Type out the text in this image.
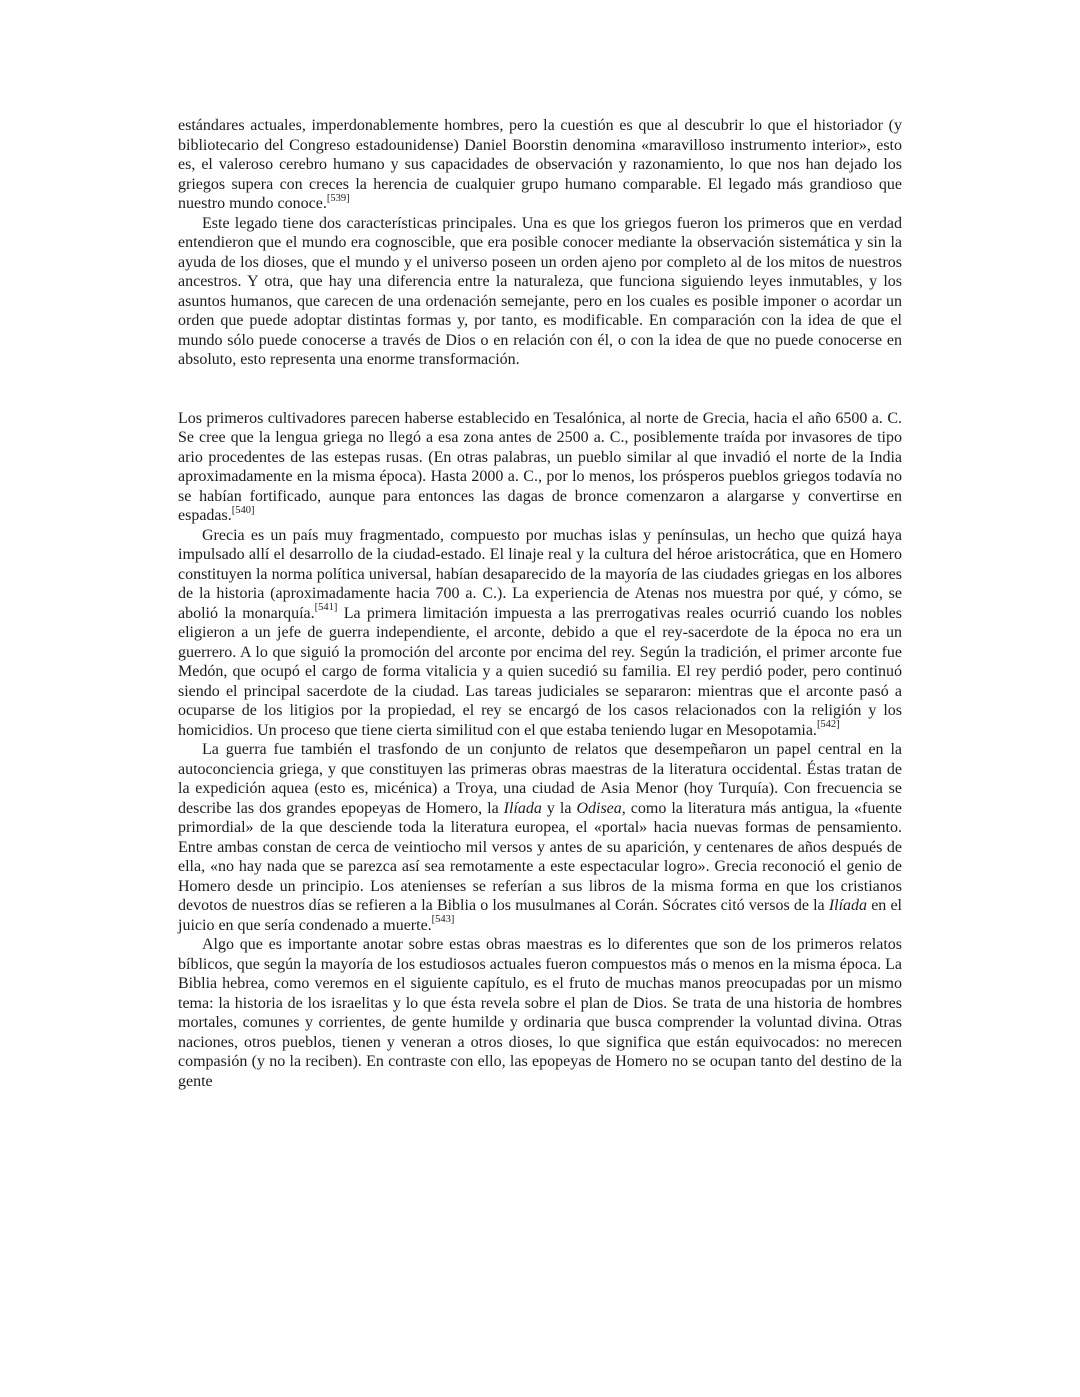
estándares actuales, imperdonablemente hombres, pero la cuestión es que al descubrir lo que el historiador (y bibliotecario del Congreso estadounidense) Daniel Boorstin denomina «maravilloso instrumento interior», esto es, el valeroso cerebro humano y sus capacidades de observación y razonamiento, lo que nos han dejado los griegos supera con creces la herencia de cualquier grupo humano comparable. El legado más grandioso que nuestro mundo conoce.[539]

Este legado tiene dos características principales. Una es que los griegos fueron los primeros que en verdad entendieron que el mundo era cognoscible, que era posible conocer mediante la observación sistemática y sin la ayuda de los dioses, que el mundo y el universo poseen un orden ajeno por completo al de los mitos de nuestros ancestros. Y otra, que hay una diferencia entre la naturaleza, que funciona siguiendo leyes inmutables, y los asuntos humanos, que carecen de una ordenación semejante, pero en los cuales es posible imponer o acordar un orden que puede adoptar distintas formas y, por tanto, es modificable. En comparación con la idea de que el mundo sólo puede conocerse a través de Dios o en relación con él, o con la idea de que no puede conocerse en absoluto, esto representa una enorme transformación.

Los primeros cultivadores parecen haberse establecido en Tesalónica, al norte de Grecia, hacia el año 6500 a. C. Se cree que la lengua griega no llegó a esa zona antes de 2500 a. C., posiblemente traída por invasores de tipo ario procedentes de las estepas rusas. (En otras palabras, un pueblo similar al que invadió el norte de la India aproximadamente en la misma época). Hasta 2000 a. C., por lo menos, los prósperos pueblos griegos todavía no se habían fortificado, aunque para entonces las dagas de bronce comenzaron a alargarse y convertirse en espadas.[540]

Grecia es un país muy fragmentado, compuesto por muchas islas y penínsulas, un hecho que quizá haya impulsado allí el desarrollo de la ciudad-estado. El linaje real y la cultura del héroe aristocrática, que en Homero constituyen la norma política universal, habían desaparecido de la mayoría de las ciudades griegas en los albores de la historia (aproximadamente hacia 700 a. C.). La experiencia de Atenas nos muestra por qué, y cómo, se abolió la monarquía.[541] La primera limitación impuesta a las prerrogativas reales ocurrió cuando los nobles eligieron a un jefe de guerra independiente, el arconte, debido a que el rey-sacerdote de la época no era un guerrero. A lo que siguió la promoción del arconte por encima del rey. Según la tradición, el primer arconte fue Medón, que ocupó el cargo de forma vitalicia y a quien sucedió su familia. El rey perdió poder, pero continuó siendo el principal sacerdote de la ciudad. Las tareas judiciales se separaron: mientras que el arconte pasó a ocuparse de los litigios por la propiedad, el rey se encargó de los casos relacionados con la religión y los homicidios. Un proceso que tiene cierta similitud con el que estaba teniendo lugar en Mesopotamia.[542]

La guerra fue también el trasfondo de un conjunto de relatos que desempeñaron un papel central en la autoconciencia griega, y que constituyen las primeras obras maestras de la literatura occidental. Éstas tratan de la expedición aquea (esto es, micénica) a Troya, una ciudad de Asia Menor (hoy Turquía). Con frecuencia se describe las dos grandes epopeyas de Homero, la Ilíada y la Odisea, como la literatura más antigua, la «fuente primordial» de la que desciende toda la literatura europea, el «portal» hacia nuevas formas de pensamiento. Entre ambas constan de cerca de veintiocho mil versos y antes de su aparición, y centenares de años después de ella, «no hay nada que se parezca así sea remotamente a este espectacular logro». Grecia reconoció el genio de Homero desde un principio. Los atenienses se referían a sus libros de la misma forma en que los cristianos devotos de nuestros días se refieren a la Biblia o los musulmanes al Corán. Sócrates citó versos de la Ilíada en el juicio en que sería condenado a muerte.[543]

Algo que es importante anotar sobre estas obras maestras es lo diferentes que son de los primeros relatos bíblicos, que según la mayoría de los estudiosos actuales fueron compuestos más o menos en la misma época. La Biblia hebrea, como veremos en el siguiente capítulo, es el fruto de muchas manos preocupadas por un mismo tema: la historia de los israelitas y lo que ésta revela sobre el plan de Dios. Se trata de una historia de hombres mortales, comunes y corrientes, de gente humilde y ordinaria que busca comprender la voluntad divina. Otras naciones, otros pueblos, tienen y veneran a otros dioses, lo que significa que están equivocados: no merecen compasión (y no la reciben). En contraste con ello, las epopeyas de Homero no se ocupan tanto del destino de la gente
